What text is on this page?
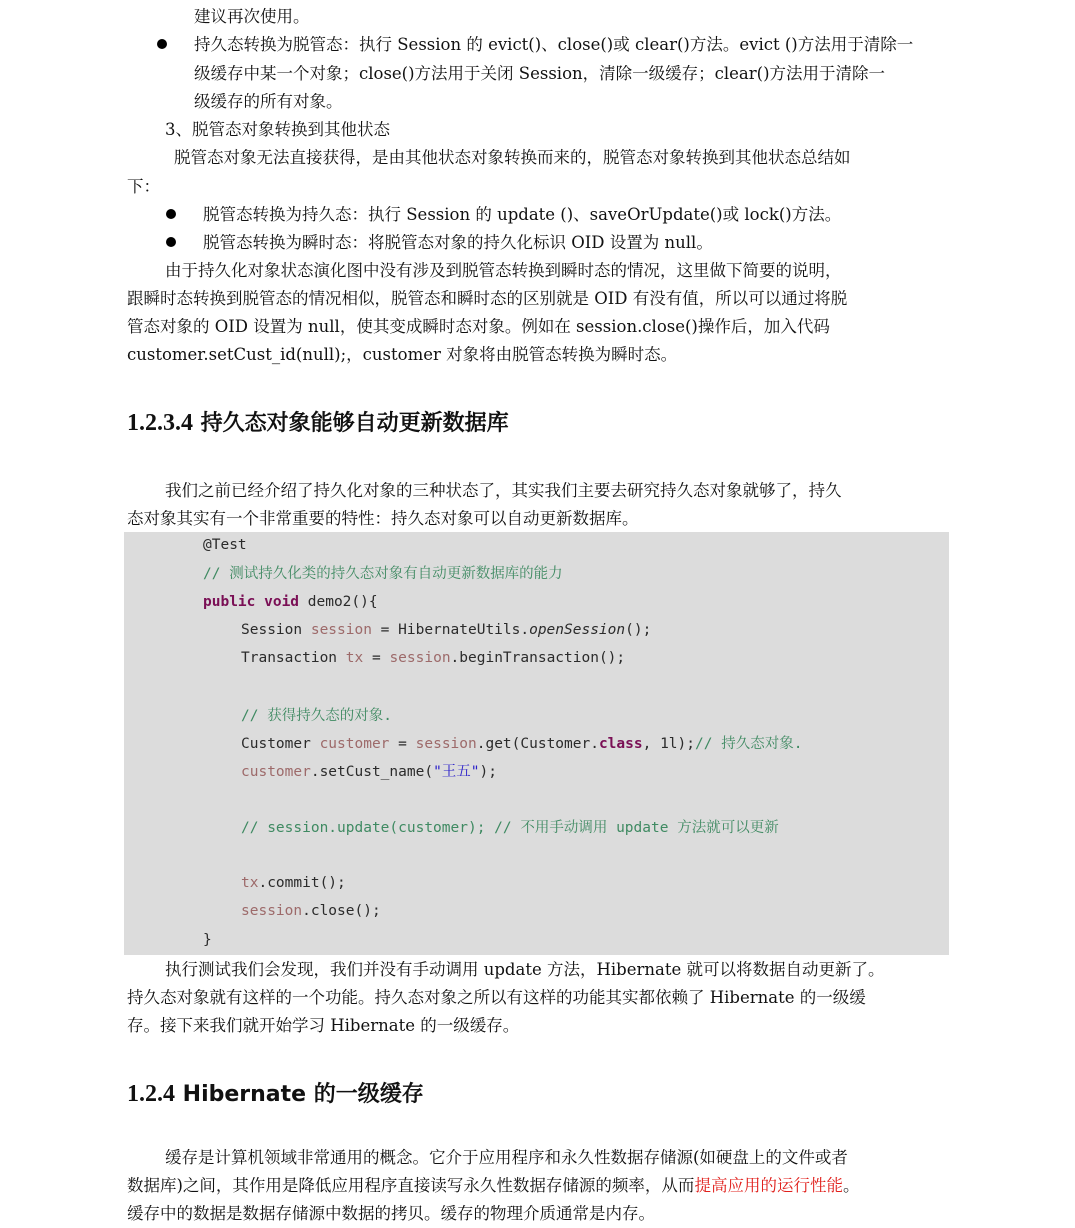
建议再次使用。
持久态转换为脱管态：执行 Session 的 evict()、close()或 clear()方法。evict ()方法用于清除一
级缓存中某一个对象；close()方法用于关闭 Session，清除一级缓存；clear()方法用于清除一
级缓存的所有对象。
3、脱管态对象转换到其他状态
脱管态对象无法直接获得，是由其他状态对象转换而来的，脱管态对象转换到其他状态总结如
下：
脱管态转换为持久态：执行 Session 的 update ()、saveOrUpdate()或 lock()方法。
脱管态转换为瞬时态：将脱管态对象的持久化标识 OID 设置为 null。
由于持久化对象状态演化图中没有涉及到脱管态转换到瞬时态的情况，这里做下简要的说明，
跟瞬时态转换到脱管态的情况相似，脱管态和瞬时态的区别就是 OID 有没有值，所以可以通过将脱
管态对象的 OID 设置为 null，使其变成瞬时态对象。例如在 session.close()操作后，加入代码
customer.setCust_id(null);，customer 对象将由脱管态转换为瞬时态。
1.2.3.4 持久态对象能够自动更新数据库
我们之前已经介绍了持久化对象的三种状态了，其实我们主要去研究持久态对象就够了，持久
态对象其实有一个非常重要的特性：持久态对象可以自动更新数据库。
@Test
// 测试持久化类的持久态对象有自动更新数据库的能力
public void demo2(){
Session session = HibernateUtils.openSession();
Transaction tx = session.beginTransaction();
// 获得持久态的对象.
Customer customer = session.get(Customer.class, 1l);// 持久态对象.
customer.setCust_name("王五");
// session.update(customer); // 不用手动调用 update 方法就可以更新
tx.commit();
session.close();
}
执行测试我们会发现，我们并没有手动调用 update 方法，Hibernate 就可以将数据自动更新了。
持久态对象就有这样的一个功能。持久态对象之所以有这样的功能其实都依赖了 Hibernate 的一级缓
存。接下来我们就开始学习 Hibernate 的一级缓存。
1.2.4 Hibernate 的一级缓存
缓存是计算机领域非常通用的概念。它介于应用程序和永久性数据存储源(如硬盘上的文件或者
数据库)之间，其作用是降低应用程序直接读写永久性数据存储源的频率，从而提高应用的运行性能。
缓存中的数据是数据存储源中数据的拷贝。缓存的物理介质通常是内存。
